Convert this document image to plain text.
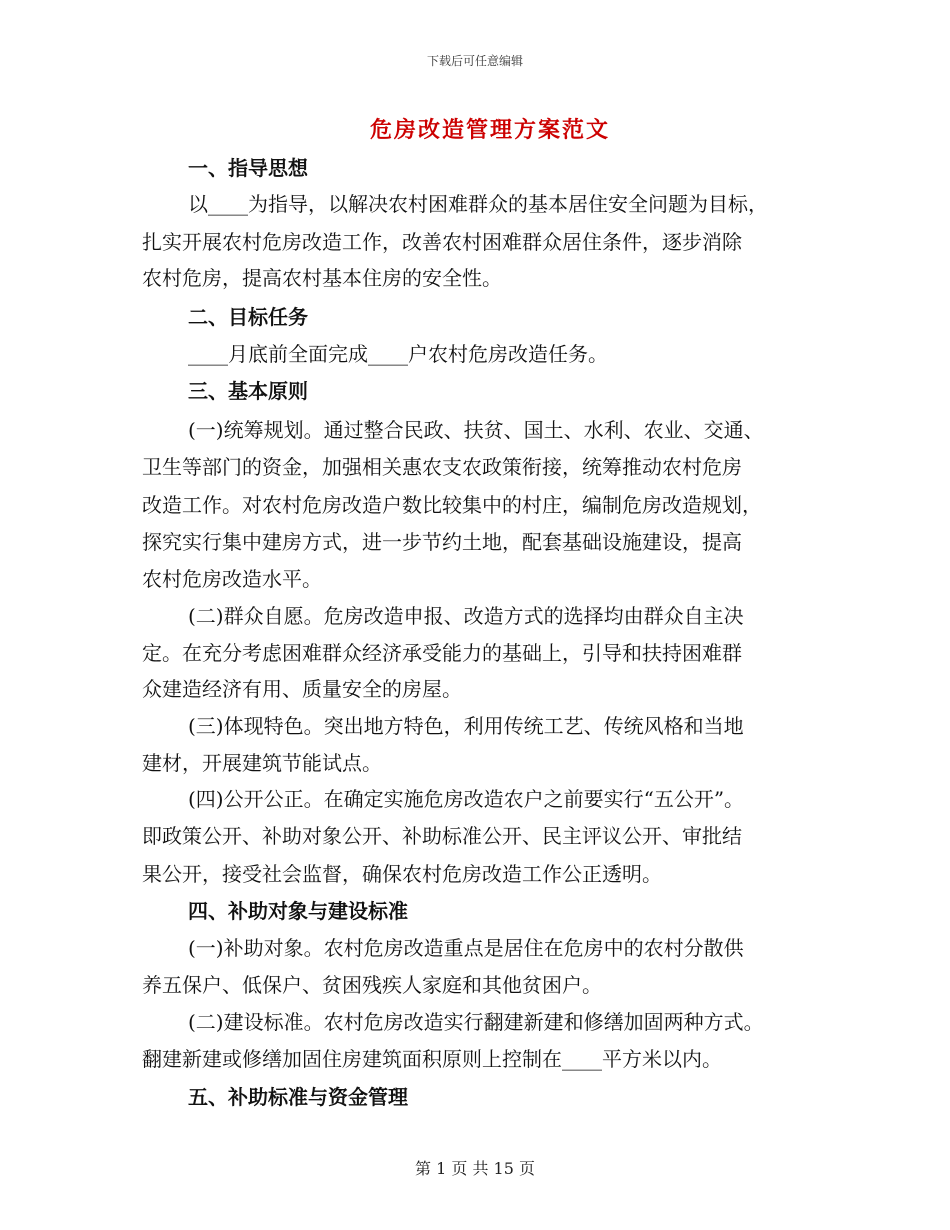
下载后可任意编辑
危房改造管理方案范文
一、指导思想
以____为指导，以解决农村困难群众的基本居住安全问题为目标，
扎实开展农村危房改造工作，改善农村困难群众居住条件，逐步消除
农村危房，提高农村基本住房的安全性。
二、目标任务
____月底前全面完成____户农村危房改造任务。
三、基本原则
(一)统筹规划。通过整合民政、扶贫、国土、水利、农业、交通、
卫生等部门的资金，加强相关惠农支农政策衔接，统筹推动农村危房
改造工作。对农村危房改造户数比较集中的村庄，编制危房改造规划，
探究实行集中建房方式，进一步节约土地，配套基础设施建设，提高
农村危房改造水平。
(二)群众自愿。危房改造申报、改造方式的选择均由群众自主决
定。在充分考虑困难群众经济承受能力的基础上，引导和扶持困难群
众建造经济有用、质量安全的房屋。
(三)体现特色。突出地方特色，利用传统工艺、传统风格和当地
建材，开展建筑节能试点。
(四)公开公正。在确定实施危房改造农户之前要实行“五公开”。
即政策公开、补助对象公开、补助标准公开、民主评议公开、审批结
果公开，接受社会监督，确保农村危房改造工作公正透明。
四、补助对象与建设标准
(一)补助对象。农村危房改造重点是居住在危房中的农村分散供
养五保户、低保户、贫困残疾人家庭和其他贫困户。
(二)建设标准。农村危房改造实行翻建新建和修缮加固两种方式。
翻建新建或修缮加固住房建筑面积原则上控制在____平方米以内。
五、补助标准与资金管理
第 1 页 共 15 页
